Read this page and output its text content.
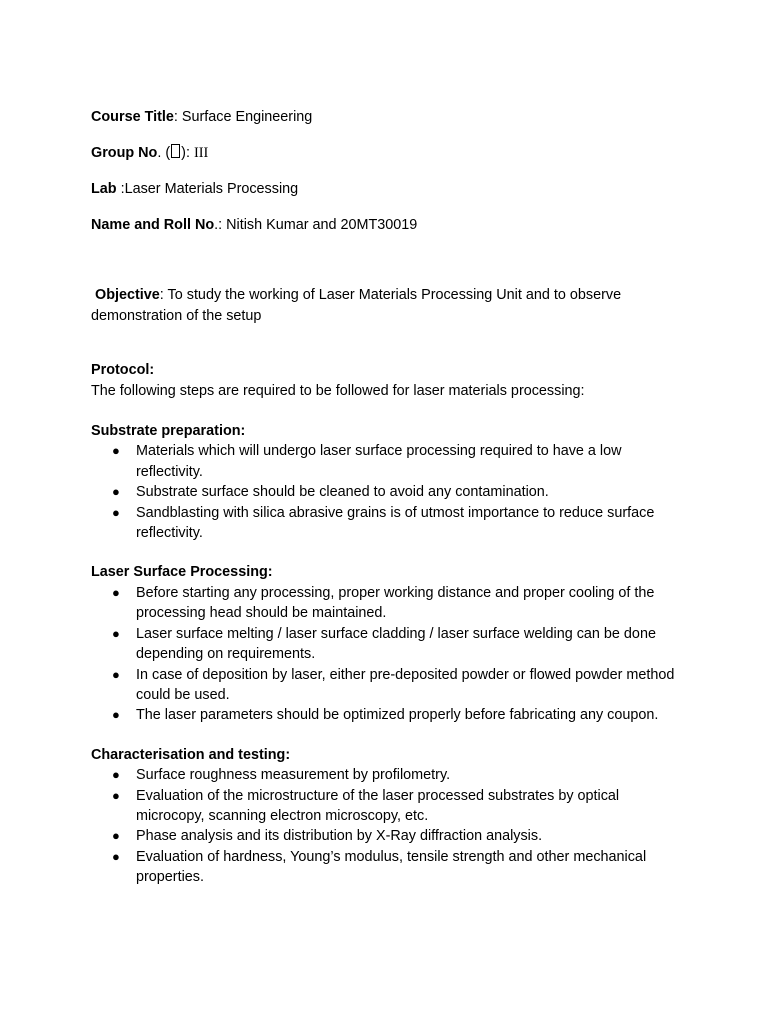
Course Title: Surface Engineering

Group No. ( ): III

Lab :Laser Materials Processing

Name and Roll No.: Nitish Kumar and 20MT30019

Objective: To study the working of Laser Materials Processing Unit and to observe demonstration of the setup

Protocol:

The following steps are required to be followed for laser materials processing:

Substrate preparation:

● Materials which will undergo laser surface processing required to have a low reflectivity.
● Substrate surface should be cleaned to avoid any contamination.
● Sandblasting with silica abrasive grains is of utmost importance to reduce surface reflectivity.

Laser Surface Processing:

● Before starting any processing, proper working distance and proper cooling of the processing head should be maintained.
● Laser surface melting / laser surface cladding / laser surface welding can be done depending on requirements.
● In case of deposition by laser, either pre-deposited powder or flowed powder method could be used.
● The laser parameters should be optimized properly before fabricating any coupon.

Characterisation and testing:

● Surface roughness measurement by profilometry.
● Evaluation of the microstructure of the laser processed substrates by optical microcopy, scanning electron microscopy, etc.
● Phase analysis and its distribution by X-Ray diffraction analysis.
● Evaluation of hardness, Young’s modulus, tensile strength and other mechanical properties.
